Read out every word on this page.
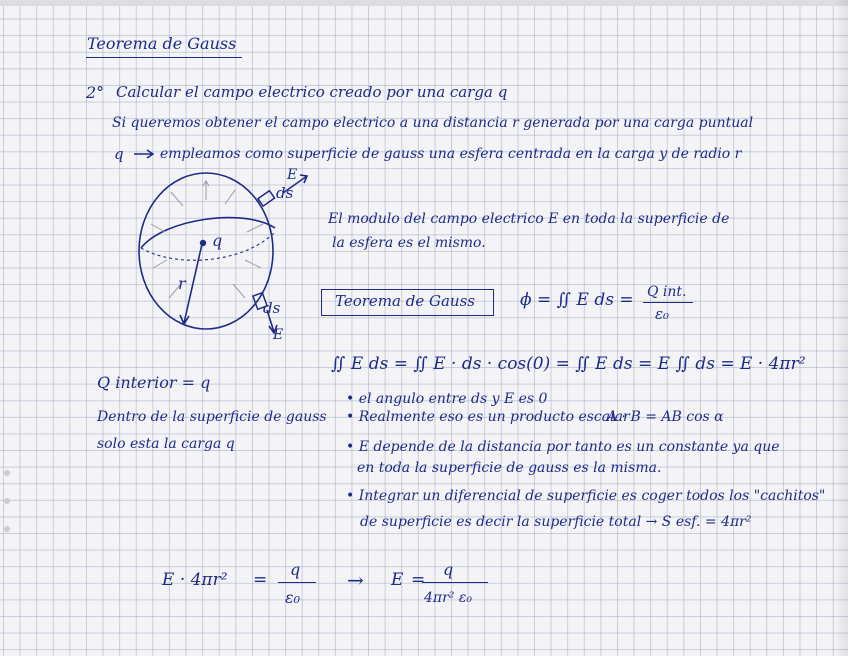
Teorema de Gauss
2° Calcular el campo electrico creado por una carga q
Si queremos obtener el campo electrico a una distancia r generada por una carga puntual
q	empleamos como superficie de gauss una esfera centrada en la carga y de radio r
q
r
ds
E
ds
E
El modulo del campo electrico E en toda la superficie de
la esfera es el mismo.
Teorema de Gauss	ϕ = ∬ E ds = Q int.
ε₀
∬ E ds = ∬ E · ds · cos(0) = ∬ E ds = E ∬ ds = E · 4πr²
Q interior = q
Dentro de la superficie de gauss
solo esta la carga q
• el angulo entre ds y E es 0
• Realmente eso es un producto escalar
A · B = AB cos α
• E depende de la distancia por tanto es un constante ya que
en toda la superficie de gauss es la misma.
• Integrar un diferencial de superficie es coger todos los "cachitos"
de superficie es decir la superficie total → S esf. = 4πr²
E · 4πr² =
q
ε₀
→ E =
q
4πr² ε₀
